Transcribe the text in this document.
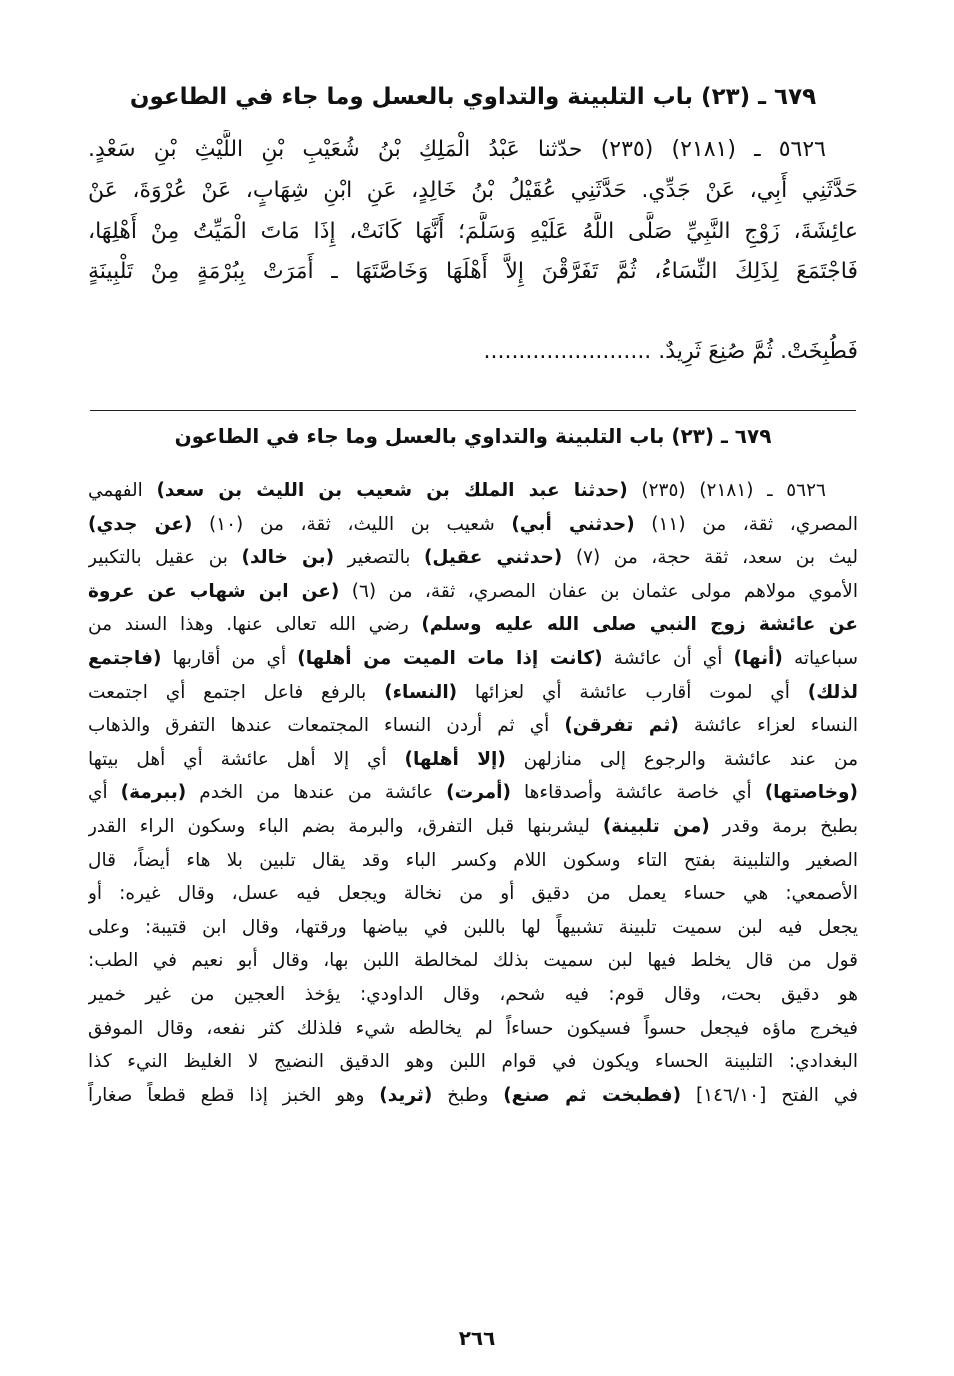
٦٧٩ ـ (٢٣) باب التلبينة والتداوي بالعسل وما جاء في الطاعون
٥٦٢٦ ـ (٢١٨١) (٢٣٥) حدّثنا عَبْدُ الْمَلِكِ بْنُ شُعَيْبِ بْنِ اللَّيْثِ بْنِ سَعْدٍ.
حَدَّثَنِي أَبِي، عَنْ جَدِّي. حَدَّثَنِي عُقَيْلُ بْنُ خَالِدٍ، عَنِ ابْنِ شِهَابٍ، عَنْ عُرْوَةَ، عَنْ
عائِشَةَ، زَوْجِ النَّبِيِّ صَلَّى اللَّهُ عَلَيْهِ وَسَلَّمَ؛ أَنَّهَا كَانَتْ، إِذَا مَاتَ الْمَيِّتُ مِنْ أَهْلِهَا،
فَاجْتَمَعَ لِذَلِكَ النِّسَاءُ، ثُمَّ تَفَرَّقْنَ إِلاَّ أَهْلَهَا وَخَاصَّتَهَا ـ أَمَرَتْ بِبُرْمَةٍ مِنْ تَلْبِينَةٍ
فَطُبِخَتْ. ثُمَّ صُنِعَ ثَرِيدٌ. ........................
٦٧٩ ـ (٢٣) باب التلبينة والتداوي بالعسل وما جاء في الطاعون
٥٦٢٦ ـ (٢١٨١) (٢٣٥) (حدثنا عبد الملك بن شعيب بن الليث بن سعد) الفهمي
المصري، ثقة، من (١١) (حدثني أبي) شعيب بن الليث، ثقة، من (١٠) (عن جدي)
ليث بن سعد، ثقة حجة، من (٧) (حدثني عقيل) بالتصغير (بن خالد) بن عقيل بالتكبير
الأموي مولاهم مولى عثمان بن عفان المصري، ثقة، من (٦) (عن ابن شهاب عن عروة
عن عائشة زوج النبي صلى الله عليه وسلم) رضي الله تعالى عنها. وهذا السند من
سباعياته (أنها) أي أن عائشة (كانت إذا مات الميت من أهلها) أي من أقاربها (فاجتمع
لذلك) أي لموت أقارب عائشة أي لعزائها (النساء) بالرفع فاعل اجتمع أي اجتمعت
النساء لعزاء عائشة (ثم تفرقن) أي ثم أردن النساء المجتمعات عندها التفرق والذهاب
من عند عائشة والرجوع إلى منازلهن (إلا أهلها) أي إلا أهل عائشة أي أهل بيتها
(وخاصتها) أي خاصة عائشة وأصدقاءها (أمرت) عائشة من عندها من الخدم (ببرمة) أي
بطبخ برمة وقدر (من تلبينة) ليشربنها قبل التفرق، والبرمة بضم الباء وسكون الراء القدر
الصغير والتلبينة بفتح التاء وسكون اللام وكسر الباء وقد يقال تلبين بلا هاء أيضاً، قال
الأصمعي: هي حساء يعمل من دقيق أو من نخالة ويجعل فيه عسل، وقال غيره: أو
يجعل فيه لبن سميت تلبينة تشبيهاً لها باللبن في بياضها ورقتها، وقال ابن قتيبة: وعلى
قول من قال يخلط فيها لبن سميت بذلك لمخالطة اللبن بها، وقال أبو نعيم في الطب:
هو دقيق بحت، وقال قوم: فيه شحم، وقال الداودي: يؤخذ العجين من غير خمير
فيخرج ماؤه فيجعل حسواً فسيكون حساءاً لم يخالطه شيء فلذلك كثر نفعه، وقال الموفق
البغدادي: التلبينة الحساء ويكون في قوام اللبن وهو الدقيق النضيج لا الغليظ النيء كذا
في الفتح [١٤٦/١٠] (فطبخت ثم صنع) وطبخ (ثريد) وهو الخبز إذا قطع قطعاً صغاراً
٢٦٦
